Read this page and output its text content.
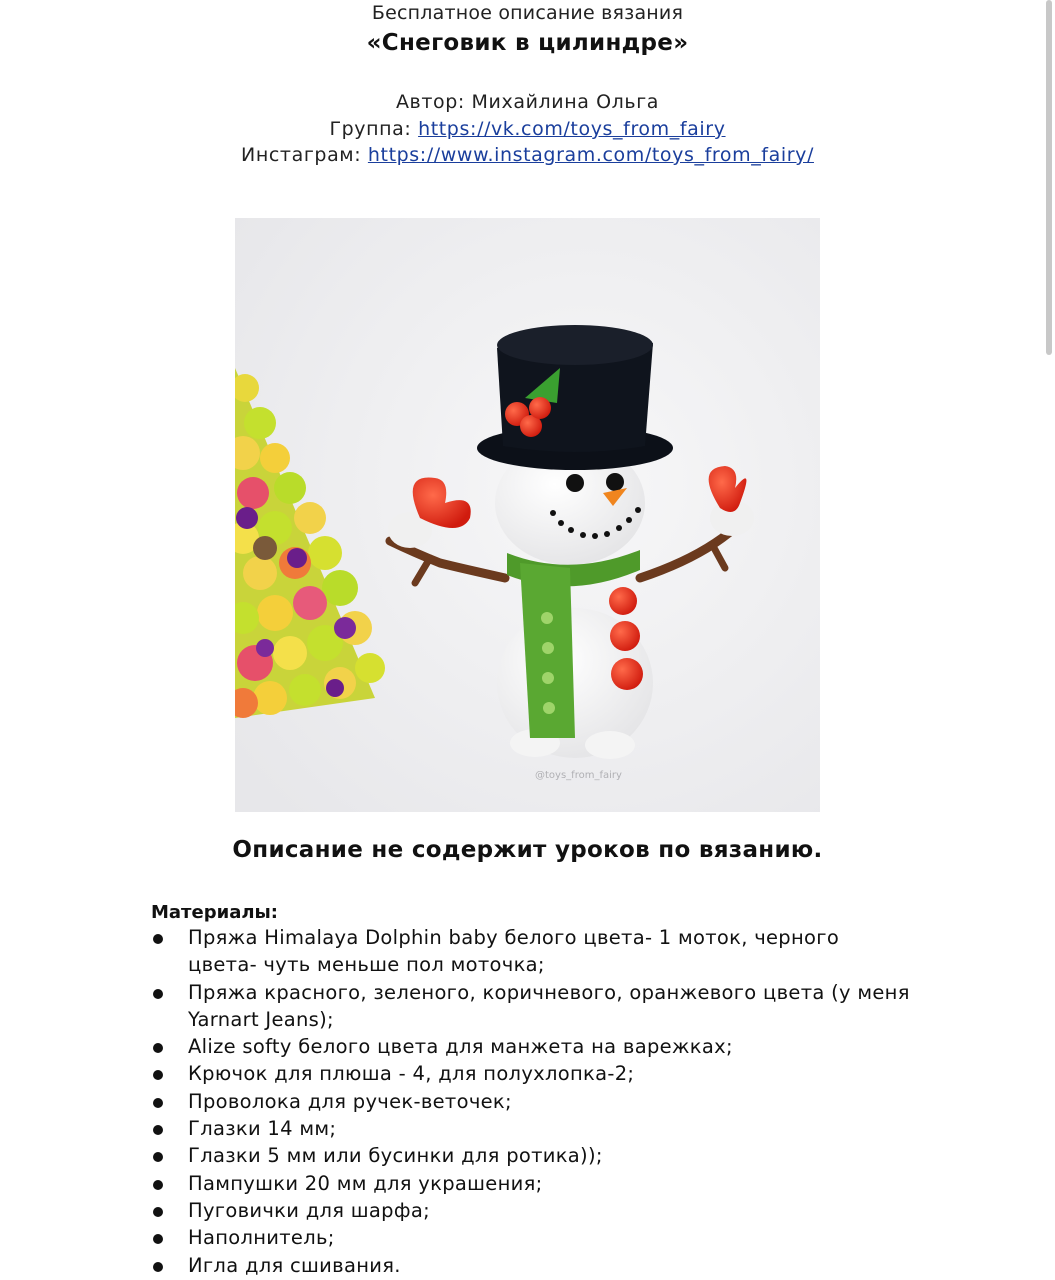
Бесплатное описание вязания
«Снеговик в цилиндре»
Автор: Михайлина Ольга
Группа: https://vk.com/toys_from_fairy
Инстаграм: https://www.instagram.com/toys_from_fairy/
@toys_from_fairy
Описание не содержит уроков по вязанию.
Материалы:
Пряжа Himalaya Dolphin baby белого цвета- 1 моток, черного цвета- чуть меньше пол моточка;
Пряжа красного, зеленого, коричневого, оранжевого цвета (у меня Yarnart Jeans);
Alize softy белого цвета для манжета на варежках;
Крючок для плюша - 4, для полухлопка-2;
Проволока для ручек-веточек;
Глазки 14 мм;
Глазки 5 мм или бусинки для ротика));
Пампушки 20 мм для украшения;
Пуговички для шарфа;
Наполнитель;
Игла для сшивания.
